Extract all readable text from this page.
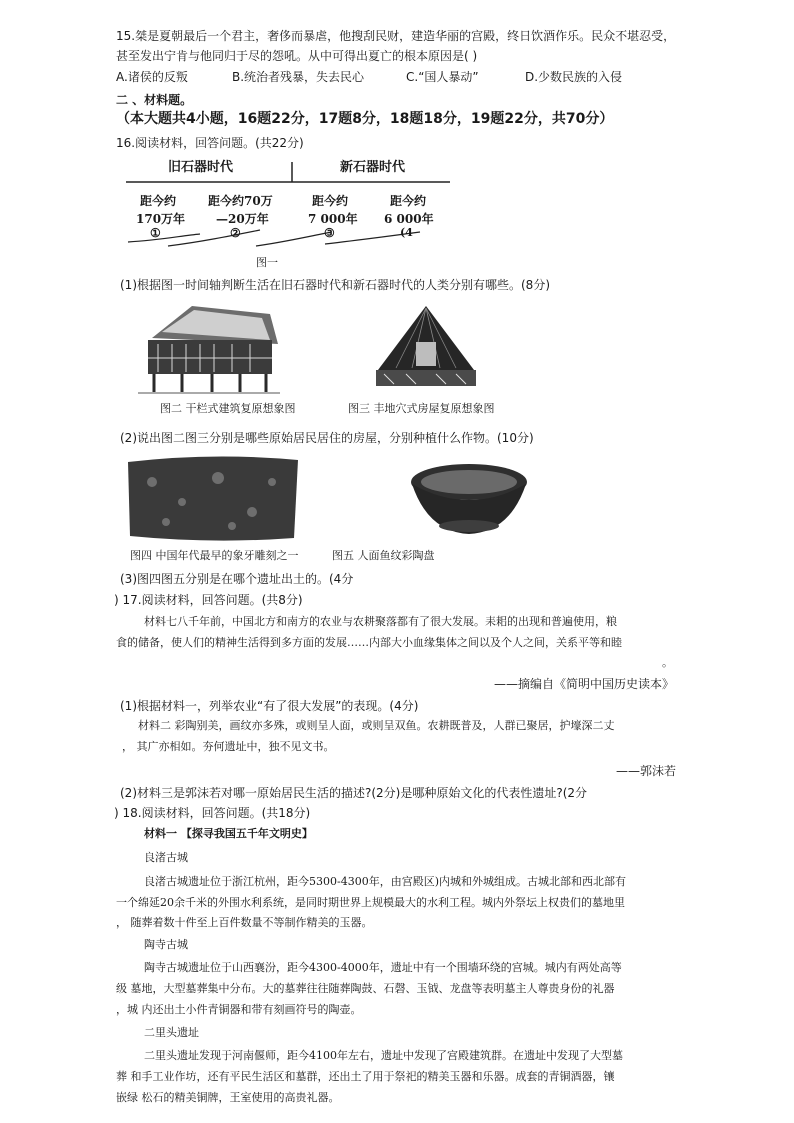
15.桀是夏朝最后一个君主，奢侈而暴虐，他搜刮民财，建造华丽的宫殿，终日饮酒作乐。民众不堪忍受，
甚至发出宁肯与他同归于尽的怨吼。从中可得出夏亡的根本原因是( )
A.诸侯的反叛	B.统治者残暴，失去民心	C.“国人暴动”	D.少数民族的入侵
二 、材料题。
（本大题共4小题，16题22分，17题8分，18题18分，19题22分，共70分）
16.阅读材料，回答问题。(共22分)
旧石器时代	新石器时代
距今约
170万年
①
距今约70万
—20万年
②
距今约
7 000年
③
距今约
6 000年
(4
图一
(1)根据图一时间轴判断生活在旧石器时代和新石器时代的人类分别有哪些。(8分)
图二 干栏式建筑复原想象图	图三 丰地穴式房屋复原想象图
(2)说出图二图三分别是哪些原始居民居住的房屋，分别种植什么作物。(10分)
图四 中国年代最早的象牙雕刻之一	图五 人面鱼纹彩陶盘
(3)图四图五分别是在哪个遗址出土的。(4分
) 17.阅读材料，回答问题。(共8分)
材料七八千年前，中国北方和南方的农业与农耕聚落都有了很大发展。耒耜的出现和普遍使用，粮
食的储备，使人们的精神生活得到多方面的发展……内部大小血缘集体之间以及个人之间，关系平等和睦
。
——摘编自《简明中国历史读本》
(1)根据材料一，列举农业“有了很大发展”的表现。(4分)
材料二 彩陶别美，画纹亦多殊，或则呈人面，或则呈双鱼。农耕既普及，人群已聚居，护壕深二丈
， 其广亦相如。夯何遗址中，独不见文书。
——郭沫若
(2)材料三是郭沫若对哪一原始居民生活的描述?(2分)是哪种原始文化的代表性遗址?(2分
) 18.阅读材料，回答问题。(共18分)
材料一 【探寻我国五千年文明史】
良渚古城
良渚古城遗址位于浙江杭州，距今5300-4300年，由宫殿区)内城和外城组成。古城北部和西北部有
一个绵延20余千米的外围水利系统，是同时期世界上规模最大的水利工程。城内外祭坛上权贵们的墓地里
， 随葬着数十件至上百件数量不等制作精美的玉器。
陶寺古城
陶寺古城遗址位于山西襄汾，距今4300-4000年，遗址中有一个围墙环绕的宫城。城内有两处高等
级 墓地，大型墓葬集中分布。大的墓葬往往随葬陶鼓、石磬、玉钺、龙盘等表明墓主人尊贵身份的礼器
，城 内还出土小件青铜器和带有刻画符号的陶壶。
二里头遗址
二里头遗址发现于河南偃师，距今4100年左右，遗址中发现了宫殿建筑群。在遗址中发现了大型墓
葬 和手工业作坊，还有平民生活区和墓群，还出土了用于祭祀的精美玉器和乐器。成套的青铜酒器，镶
嵌绿 松石的精美铜牌，王室使用的高贵礼器。
